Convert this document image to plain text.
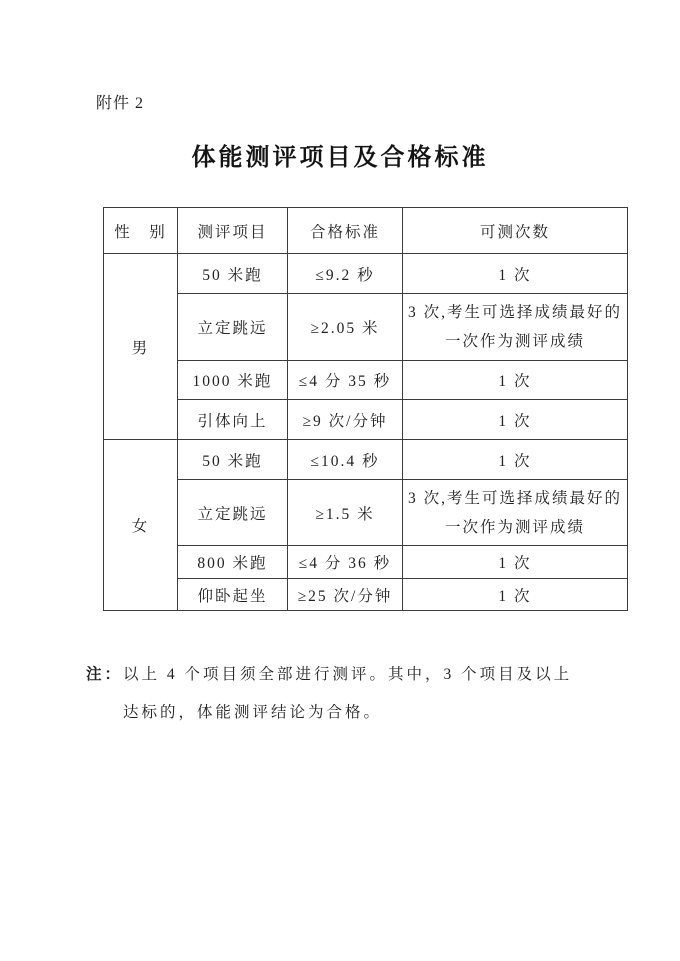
附件 2
体能测评项目及合格标准
性　别	测评项目	合格标准	可测次数
男	50 米跑	≤9.2 秒	1 次
	立定跳远	≥2.05 米	3 次,考生可选择成绩最好的
一次作为测评成绩

	1000 米跑	≤4 分 35 秒	1 次
	引体向上	≥9 次/分钟	1 次
女	50 米跑	≤10.4 秒	1 次
	立定跳远	≥1.5 米	3 次,考生可选择成绩最好的
一次作为测评成绩

	800 米跑	≤4 分 36 秒	1 次
	仰卧起坐	≥25 次/分钟	1 次
注： 以上 4 个项目须全部进行测评。其中，3 个项目及以上
达标的，体能测评结论为合格。
